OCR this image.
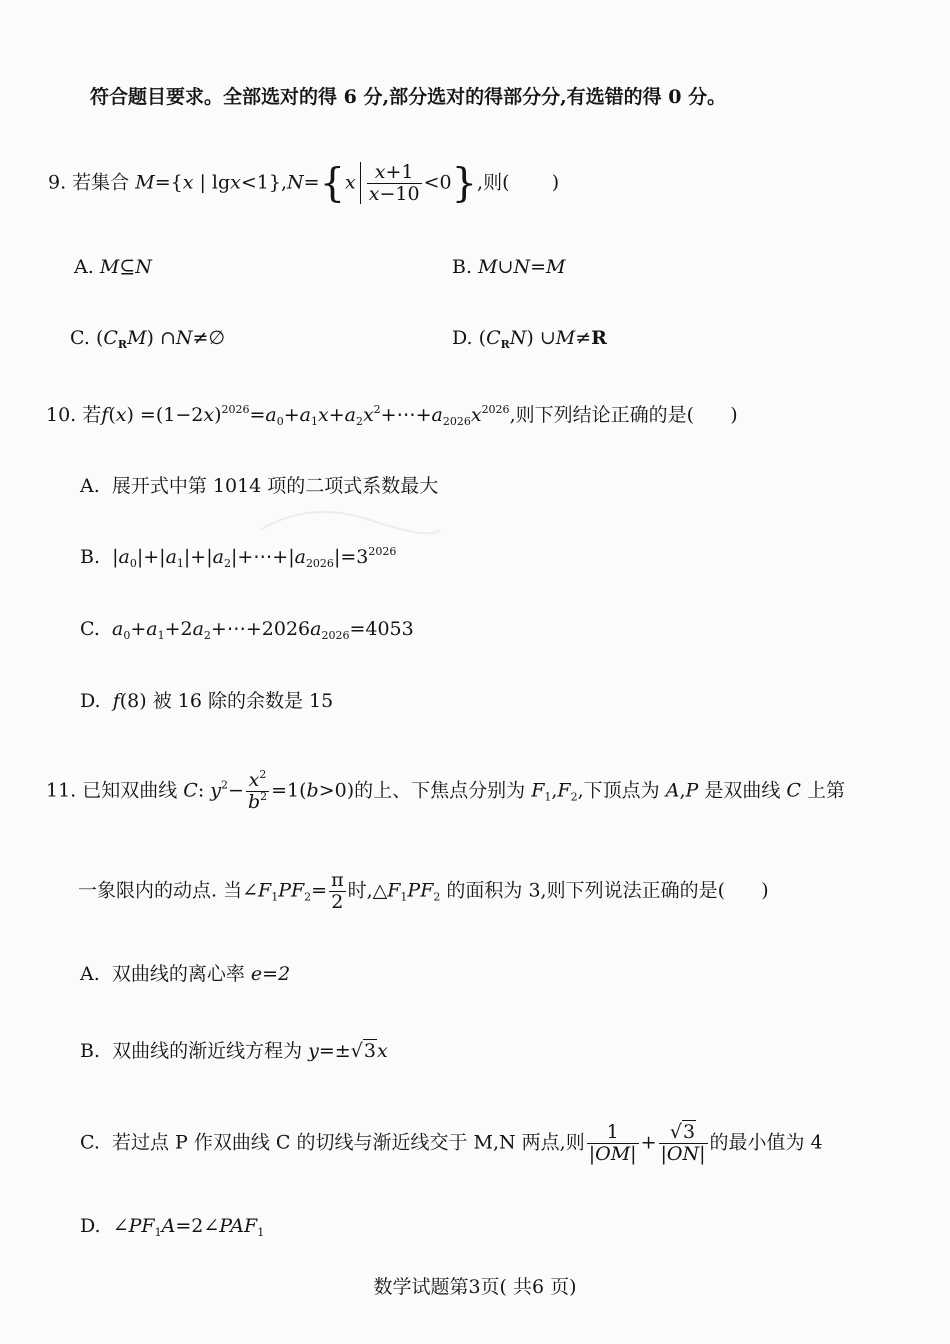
符合题目要求。全部选对的得 6 分,部分选对的得部分分,有选错的得 0 分。
9. 若集合 M={x | $\lg x<1\},N=\{x \frac{x+1}{x-10} <0\}$,则( )
A. M⊆N	B. M∪N=M
C. $(C_RM)$ ∩N≠∅	D. $(C_RN)$ ∪M≠R
10. 若$f(x) =(1-2x)^{2026}=a_0+a_1x+a_2x^2+\cdots+a_{2026}x^{2026}$,则下列结论正确的是( )
A. 展开式中第 1014 项的二项式系数最大
B.  $|a_0|+|a_1|+|a_2|+\cdots+|a_{2026}|=3^{2026}$
C. $a_0+a_1+2a_2+\cdots+2026a_{2026}=4053$
D. f(8) 被 16 除的余数是 15
11. 已知双曲线 C: $y^2- \frac{x^2}{b^2} =1(b>0)$的上、下焦点分别为 $F_1,F_2$,下顶点为 A,P 是双曲线 C 上第
一象限内的动点. 当$\angle F_1PF_2= \frac{\pi}{2}$ 时$,\triangle F_1PF_2$ 的面积为 3,则下列说法正确的是( )
A. 双曲线的离心率 e=2
B. 双曲线的渐近线方程为 y=±√3x
C. 若过点 P 作双曲线 C 的切线与渐近线交于 M,N 两点,则 $\frac{1}{|OM|} + \frac{√3}{|ON|}$ 的最小值为 4
D.  $\angle PF_1A=2\angle PAF_1$
数学试题第3页( 共6 页)
